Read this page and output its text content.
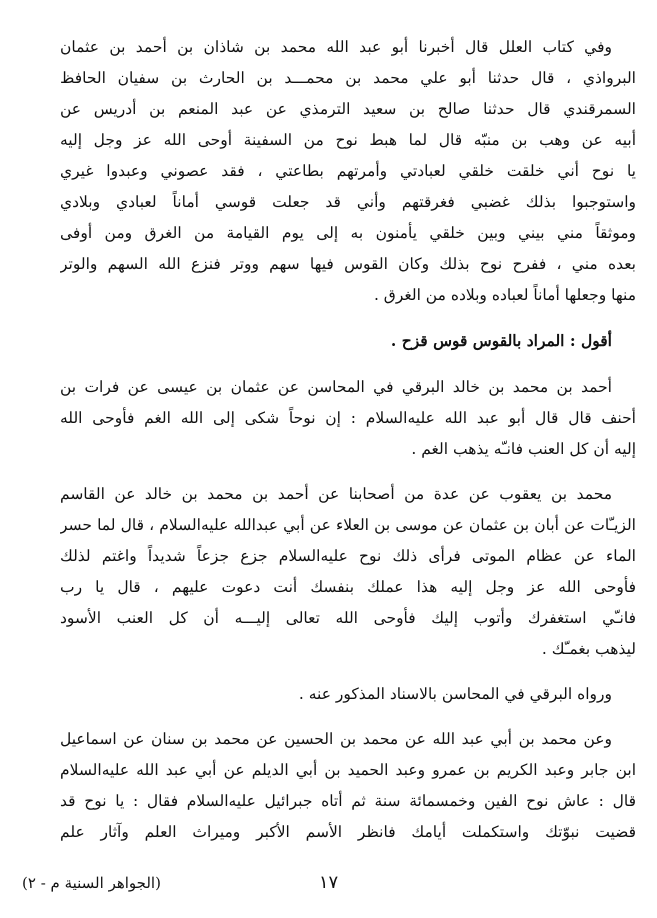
وفي كتاب العلل قال أخبرنا أبو عبد الله محمد بن شاذان بن أحمد بن عثمان
البرواذي ، قال حدثنا أبو علي محمد بن محمـــد بن الحارث بن سفيان الحافظ
السمرقندي قال حدثنا صالح بن سعيد الترمذي عن عبد المنعم بن أدريس عن
أبيه عن وهب بن منبّه قال لما هبط نوح من السفينة أوحى الله عز وجل إليه
يا نوح أني خلقت خلقي لعبادتي وأمرتهم بطاعتي ، فقد عصوني وعبدوا غيري
واستوجبوا بذلك غضبي فغرقتهم وأني قد جعلت قوسي أماناً لعبادي وبلادي
وموثقاً مني بيني وبين خلقي يأمنون به إلى يوم القيامة من الغرق ومن أوفى
بعده مني ، ففرح نوح بذلك وكان القوس فيها سهم ووتر فنزع الله السهم والوتر
منها وجعلها أماناً لعباده وبلاده من الغرق .
أقول : المراد بالقوس قوس قزح .
أحمد بن محمد بن خالد البرقي في المحاسن عن عثمان بن عيسى عن فرات بن
أحنف قال قال أبو عبد الله عليه‌السلام : إن نوحاً شكى إلى الله الغم فأوحى الله
إليه أن كل العنب فانـّه يذهب الغم .
محمد بن يعقوب عن عدة من أصحابنا عن أحمد بن محمد بن خالد عن القاسم
الزيـّات عن أبان بن عثمان عن موسى بن العلاء عن أبي عبدالله عليه‌السلام ، قال لما حسر
الماء عن عظام الموتى فرأى ذلك نوح عليه‌السلام جزع جزعاً شديداً واغتم لذلك
فأوحى الله عز وجل إليه هذا عملك بنفسك أنت دعوت عليهم ، قال يا رب
فانـّي استغفرك وأتوب إليك فأوحى الله تعالى إليـــه أن كل العنب الأسود
ليذهب بغمـّك .
ورواه البرقي في المحاسن بالاسناد المذكور عنه .
وعن محمد بن أبي عبد الله عن محمد بن الحسين عن محمد بن سنان عن اسماعيل
ابن جابر وعبد الكريم بن عمرو وعبد الحميد بن أبي الديلم عن أبي عبد الله عليه‌السلام
قال : عاش نوح الفين وخمسمائة سنة ثم أتاه جبرائيل عليه‌السلام فقال : يا نوح قد
قضيت نبوّتك واستكملت أيامك فانظر الأسم الأكبر وميراث العلم وآثار علم
١٧
(الجواهر السنية م - ٢)
